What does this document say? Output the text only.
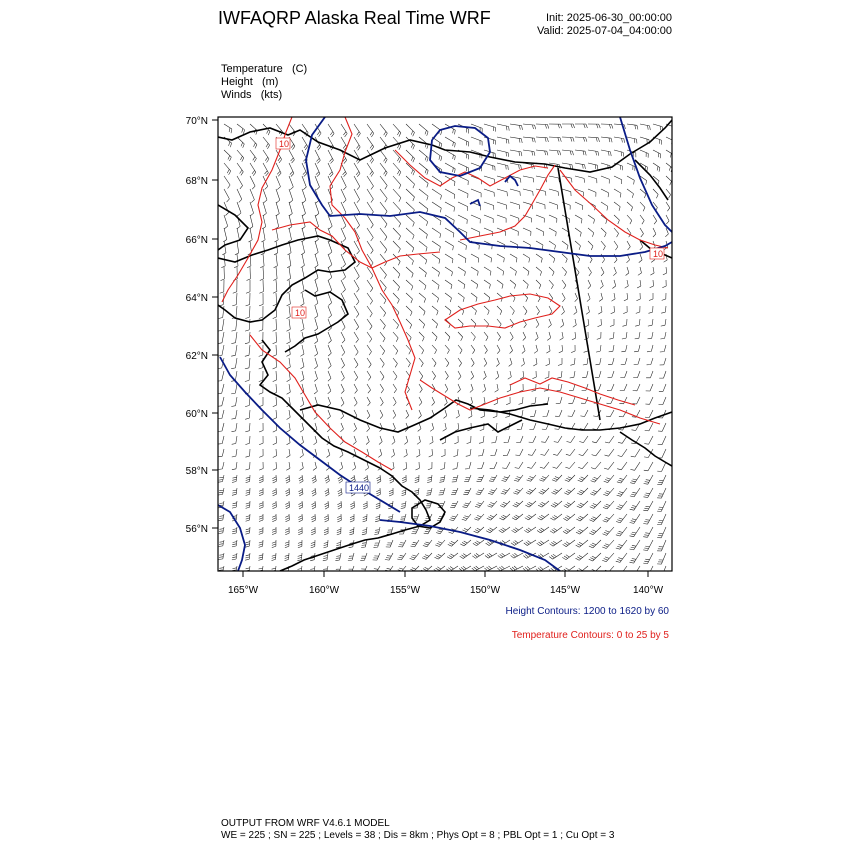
IWFAQRP Alaska Real Time WRF	Init: 2025-06-30_00:00:00
Valid: 2025-07-04_04:00:00
Temperature (C)
Height (m)
Winds (kts)
10
10
10
1440
70°N
68°N
66°N
64°N
62°N
60°N
58°N
56°N
165°W	160°W	155°W	150°W	145°W	140°W
Height Contours: 1200 to 1620 by 60
Temperature Contours: 0 to 25 by 5
OUTPUT FROM WRF V4.6.1 MODEL
WE = 225 ; SN = 225 ; Levels = 38 ; Dis = 8km ; Phys Opt = 8 ; PBL Opt = 1 ; Cu Opt = 3
